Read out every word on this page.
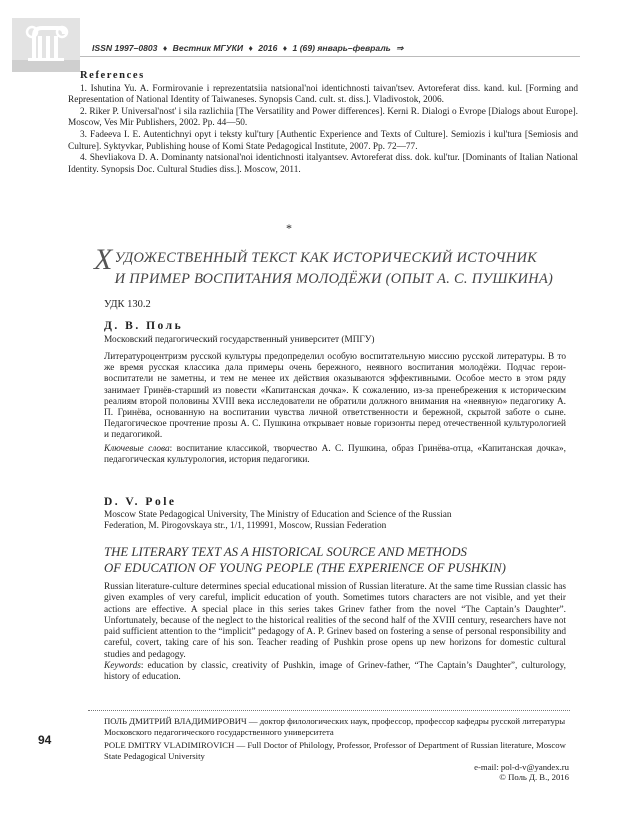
ISSN 1997–0803 ♦ Вестник МГУКИ ♦ 2016 ♦ 1 (69) январь–февраль ⇒
References

1. Ishutina Yu. A. Formirovanie i reprezentatsiia natsional'noi identichnosti taivan'tsev. Avtoreferat diss. kand. kul. [Forming and Representation of National Identity of Taiwaneses. Synopsis Cand. cult. st. diss.]. Vladivostok, 2006.

2. Riker P. Universal'nost' i sila razlichiia [The Versatility and Power differences]. Kerni R. Dialogi o Evrope [Dialogs about Europe]. Moscow, Ves Mir Publishers, 2002. Pp. 44—50.

3. Fadeeva I. E. Autentichnyi opyt i teksty kul'tury [Authentic Experience and Texts of Culture]. Semiozis i kul'tura [Semiosis and Culture]. Syktyvkar, Publishing house of Komi State Pedagogical Institute, 2007. Pp. 72—77.

4. Shevliakova D. A. Dominanty natsional'noi identichnosti italyantsev. Avtoreferat diss. dok. kul'tur. [Dominants of Italian National Identity. Synopsis Doc. Cultural Studies diss.]. Moscow, 2011.

*
Х УДОЖЕСТВЕННЫЙ ТЕКСТ КАК ИСТОРИЧЕСКИЙ ИСТОЧНИК
И ПРИМЕР ВОСПИТАНИЯ МОЛОДЁЖИ (ОПЫТ А. С. ПУШКИНА)
УДК 130.2
Д. В. Поль
Московский педагогический государственный университет (МПГУ)

Литературоцентризм русской культуры предопределил особую воспитательную миссию русской литературы. В то же время русская классика дала примеры очень бережного, неявного воспитания молодёжи. Подчас герои-воспитатели не заметны, и тем не менее их действия оказываются эффективными. Особое место в этом ряду занимает Гринёв-старший из повести «Капитанская дочка». К сожалению, из-за пренебрежения к историческим реалиям второй половины XVIII века исследователи не обратили должного внимания на «неявную» педагогику А. П. Гринёва, основанную на воспитании чувства личной ответственности и бережной, скрытой заботе о сыне. Педагогическое прочтение прозы А. С. Пушкина открывает новые горизонты перед отечественной культурологией и педагогикой.

Ключевые слова: воспитание классикой, творчество А. С. Пушкина, образ Гринёва-отца, «Капитанская дочка», педагогическая культурология, история педагогики.

D. V. Pole
Moscow State Pedagogical University, The Ministry of Education and Science of the Russian
Federation, M. Pirogovskaya str., 1/1, 119991, Moscow, Russian Federation
THE LITERARY TEXT AS A HISTORICAL SOURCE AND METHODS
OF EDUCATION OF YOUNG PEOPLE (THE EXPERIENCE OF PUSHKIN)

Russian literature-culture determines special educational mission of Russian literature. At the same time Russian classic has given examples of very careful, implicit education of youth. Sometimes tutors characters are not visible, and yet their actions are effective. A special place in this series takes Grinev father from the novel “The Captain’s Daughter”. Unfortunately, because of the neglect to the historical realities of the second half of the XVIII century, researchers have not paid sufficient attention to the “implicit” pedagogy of A. P. Grinev based on fostering a sense of personal responsibility and careful, covert, taking care of his son. Teacher reading of Pushkin prose opens up new horizons for domestic cultural studies and pedagogy.

Keywords: education by classic, creativity of Pushkin, image of Grinev-father, “The Captain’s Daughter”, culturology, history of education.

94

ПОЛЬ ДМИТРИЙ ВЛАДИМИРОВИЧ — доктор филологических наук, профессор, профессор кафедры русской литературы Московского педагогического государственного университета

POLE DMITRY VLADIMIROVICH — Full Doctor of Philology, Professor, Professor of Department of Russian literature, Moscow State Pedagogical University

e-mail: pol-d-v@yandex.ru
© Поль Д. В., 2016
